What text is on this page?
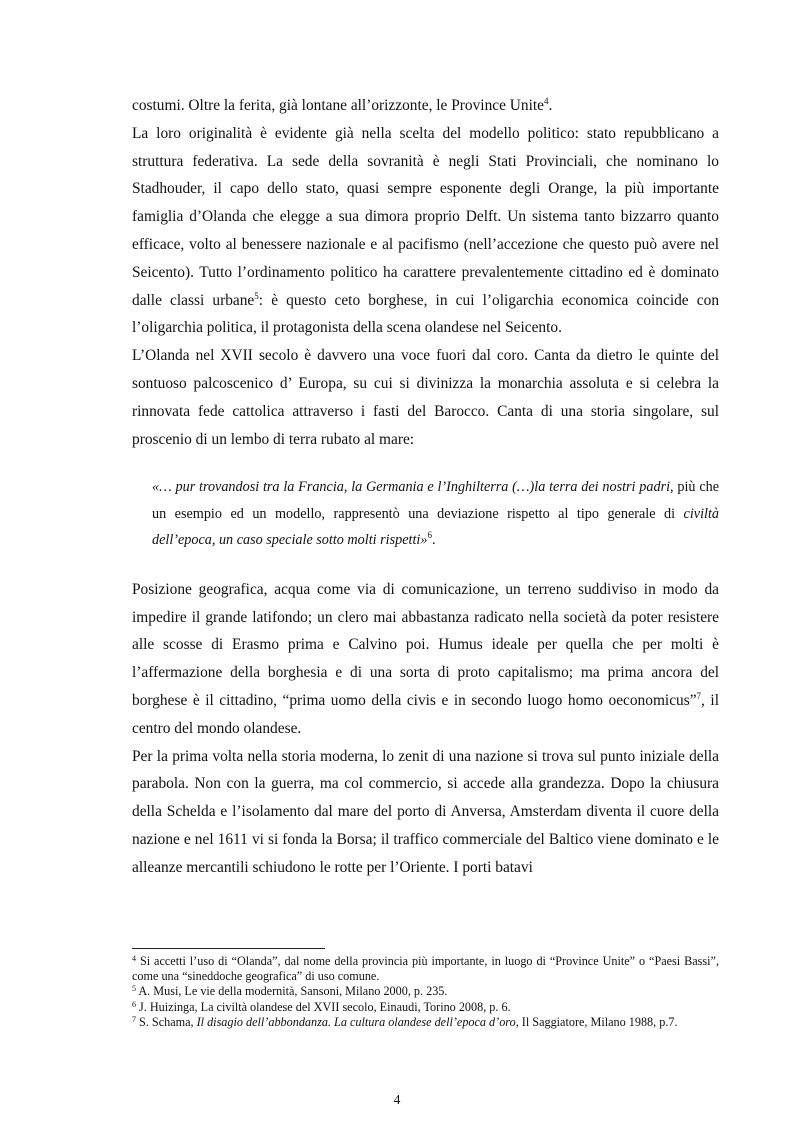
costumi. Oltre la ferita, già lontane all’orizzonte, le Province Unite$^4$.

La loro originalità è evidente già nella scelta del modello politico: stato repubblicano a struttura federativa. La sede della sovranità è negli Stati Provinciali, che nominano lo Stadhouder, il capo dello stato, quasi sempre esponente degli Orange, la più importante famiglia d’Olanda che elegge a sua dimora proprio Delft. Un sistema tanto bizzarro quanto efficace, volto al benessere nazionale e al pacifismo (nell’accezione che questo può avere nel Seicento). Tutto l’ordinamento politico ha carattere prevalentemente cittadino ed è dominato dalle classi urbane$^5$: è questo ceto borghese, in cui l’oligarchia economica coincide con l’oligarchia politica, il protagonista della scena olandese nel Seicento.

L’Olanda nel XVII secolo è davvero una voce fuori dal coro. Canta da dietro le quinte del sontuoso palcoscenico d’ Europa, su cui si divinizza la monarchia assoluta e si celebra la rinnovata fede cattolica attraverso i fasti del Barocco. Canta di una storia singolare, sul proscenio di un lembo di terra rubato al mare:

«… pur trovandosi tra la Francia, la Germania e l’Inghilterra (…)la terra dei nostri padri, più che un esempio ed un modello, rappresentò una deviazione rispetto al tipo generale di civiltà dell’epoca, un caso speciale sotto molti rispetti»$^6$.

Posizione geografica, acqua come via di comunicazione, un terreno suddiviso in modo da impedire il grande latifondo; un clero mai abbastanza radicato nella società da poter resistere alle scosse di Erasmo prima e Calvino poi. Humus ideale per quella che per molti è l’affermazione della borghesia e di una sorta di proto capitalismo; ma prima ancora del borghese è il cittadino, “prima uomo della civis e in secondo luogo homo oeconomicus”$^7$, il centro del mondo olandese.

Per la prima volta nella storia moderna, lo zenit di una nazione si trova sul punto iniziale della parabola. Non con la guerra, ma col commercio, si accede alla grandezza. Dopo la chiusura della Schelda e l’isolamento dal mare del porto di Anversa, Amsterdam diventa il cuore della nazione e nel 1611 vi si fonda la Borsa; il traffico commerciale del Baltico viene dominato e le alleanze mercantili schiudono le rotte per l’Oriente. I porti batavi

$^4$ Si accetti l’uso di “Olanda”, dal nome della provincia più importante, in luogo di “Province Unite” o “Paesi Bassi”, come una “sineddoche geografica” di uso comune.

$^5$ A. Musi, Le vie della modernità, Sansoni, Milano 2000, p. 235.

$^6$ J. Huizinga, La civiltà olandese del XVII secolo, Einaudi, Torino 2008, p. 6.

$^7$ S. Schama, Il disagio dell’abbondanza. La cultura olandese dell’epoca d’oro, Il Saggiatore, Milano 1988, p.7.

4
